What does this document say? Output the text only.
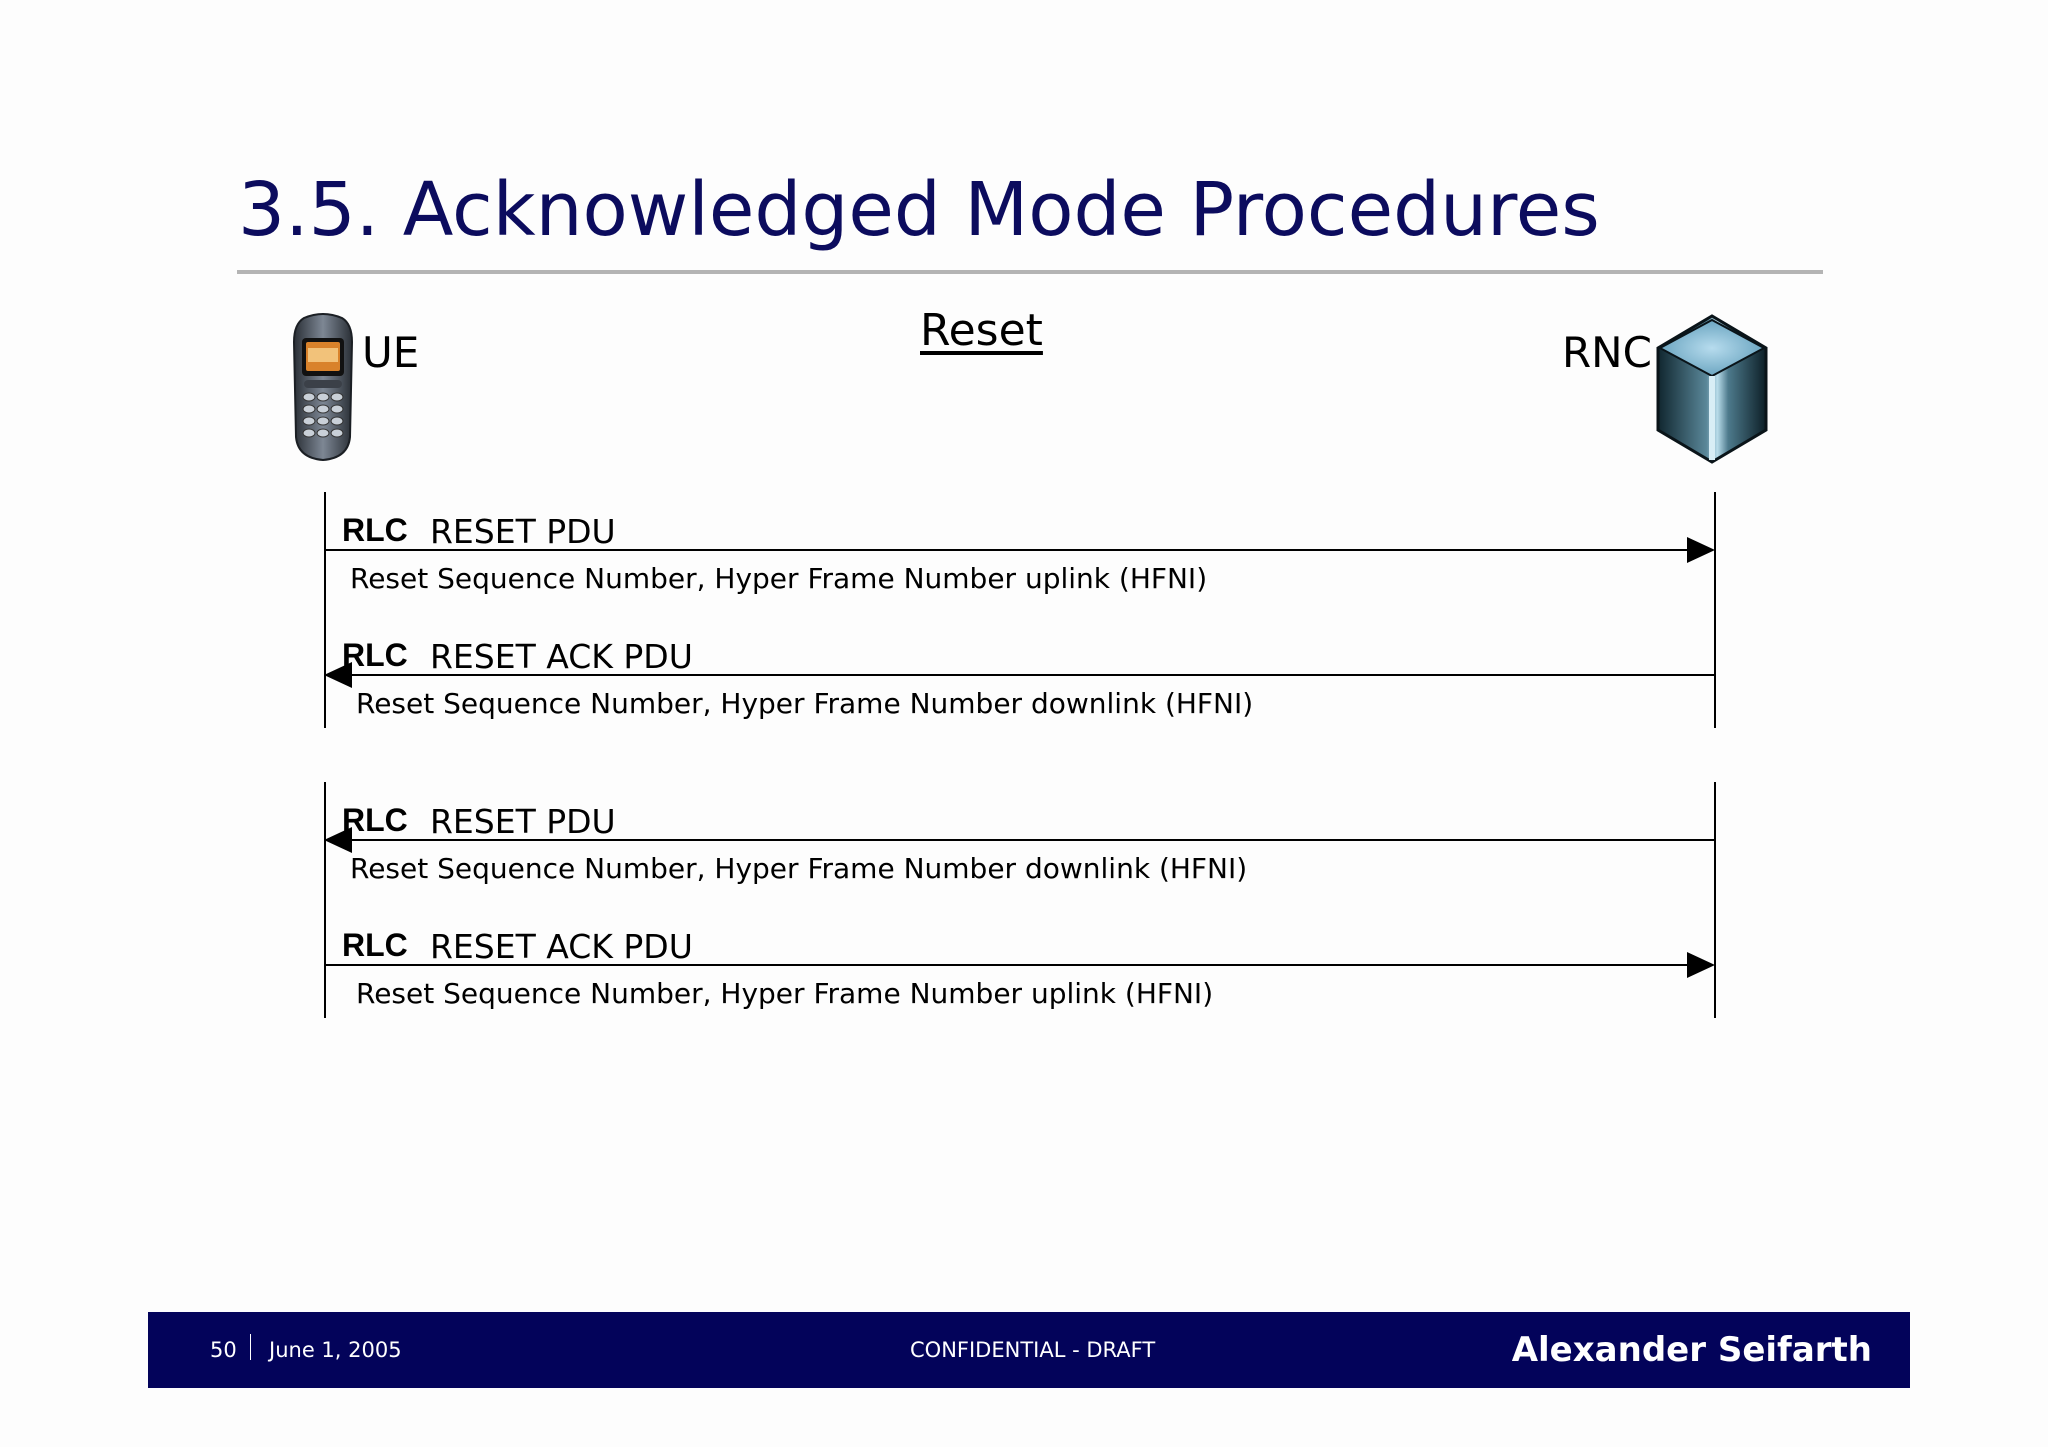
3.5. Acknowledged Mode Procedures
Reset
UE	RNC
RLC RESET PDU
Reset Sequence Number, Hyper Frame Number uplink (HFNI)
RLC RESET ACK PDU
Reset Sequence Number, Hyper Frame Number downlink (HFNI)
RLC RESET PDU
Reset Sequence Number, Hyper Frame Number downlink (HFNI)
RLC RESET ACK PDU
Reset Sequence Number, Hyper Frame Number uplink (HFNI)
50 June 1, 2005	CONFIDENTIAL - DRAFT	Alexander Seifarth
